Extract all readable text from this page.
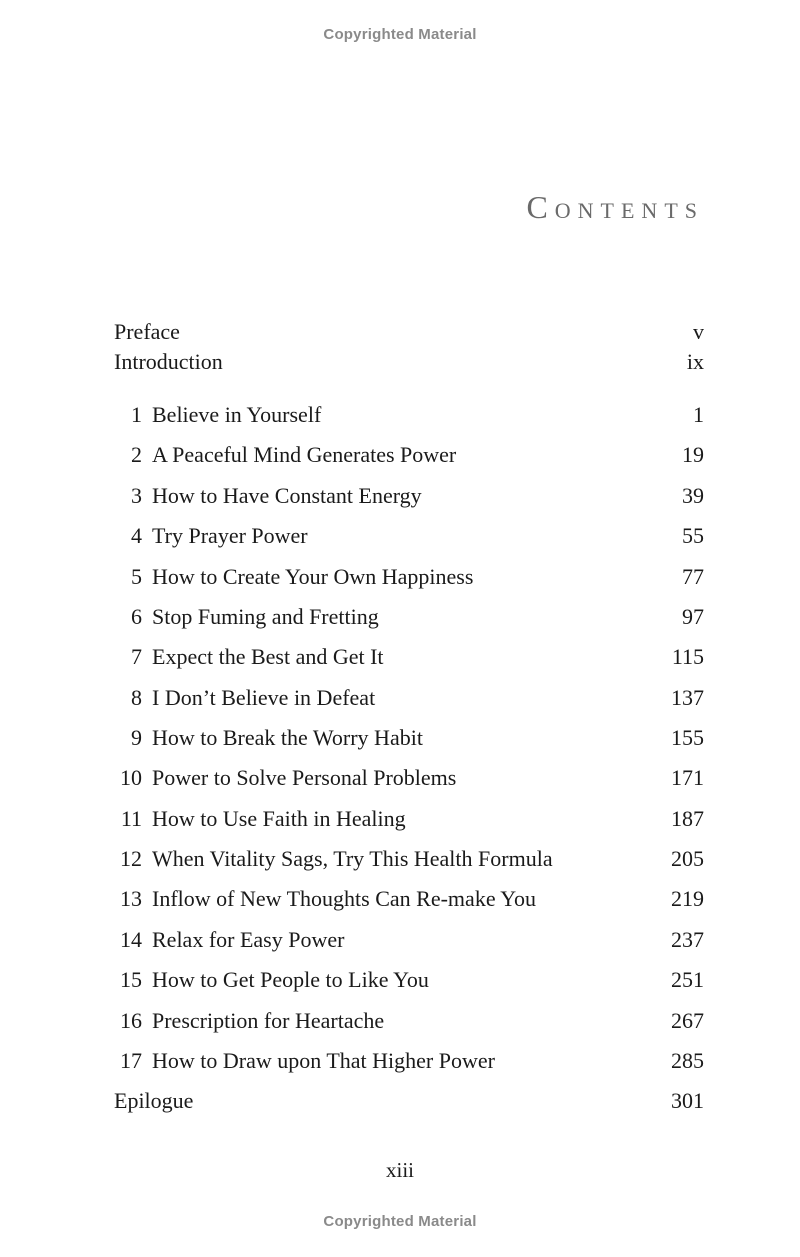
Copyrighted Material
Contents
Preface	v
Introduction	ix
1 Believe in Yourself	1
2 A Peaceful Mind Generates Power	19
3 How to Have Constant Energy	39
4 Try Prayer Power	55
5 How to Create Your Own Happiness	77
6 Stop Fuming and Fretting	97
7 Expect the Best and Get It	115
8 I Don’t Believe in Defeat	137
9 How to Break the Worry Habit	155
10 Power to Solve Personal Problems	171
11 How to Use Faith in Healing	187
12 When Vitality Sags, Try This Health Formula	205
13 Inflow of New Thoughts Can Re-make You	219
14 Relax for Easy Power	237
15 How to Get People to Like You	251
16 Prescription for Heartache	267
17 How to Draw upon That Higher Power	285
Epilogue	301
xiii
Copyrighted Material
